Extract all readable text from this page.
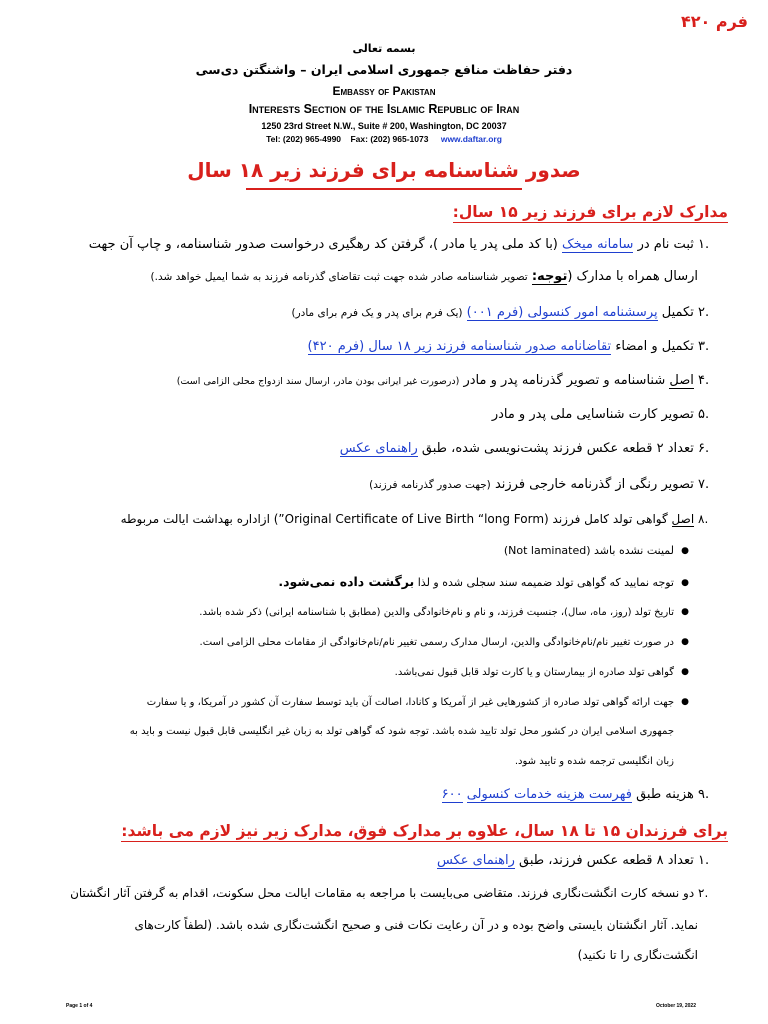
فرم ۴۲۰
بسمه تعالی
دفتر حفاظت منافع جمهوری اسلامی ایران – واشنگتن دی‌سی
Embassy of Pakistan
Interests Section of the Islamic Republic of Iran
1250 23rd Street N.W., Suite # 200, Washington, DC 20037
Tel: (202) 965-4990 Fax: (202) 965-1073 www.daftar.org
صدور شناسنامه برای فرزند زیر ۱۸ سال
مدارک لازم برای فرزند زیر ۱۵ سال:
.۱ ثبت نام در سامانه میخک (با کد ملی پدر یا مادر )، گرفتن کد رهگیری درخواست صدور شناسنامه، و چاپ آن جهت
ارسال همراه با مدارک (توجه: تصویر شناسنامه صادر شده جهت ثبت تقاضای گذرنامه فرزند به شما ایمیل خواهد شد.)
.۲ تکمیل پرسشنامه امور کنسولی (فرم ۰۰۱) (یک فرم برای پدر و یک فرم برای مادر)
.۳ تکمیل و امضاء تقاضانامه صدور شناسنامه فرزند زیر ۱۸ سال (فرم ۴۲۰)
.۴ اصل شناسنامه و تصویر گذرنامه پدر و مادر (درصورت غیر ایرانی بودن مادر، ارسال سند ازدواج محلی الزامی است)
.۵ تصویر کارت شناسایی ملی پدر و مادر
.۶ تعداد ۲ قطعه عکس فرزند پشت‌نویسی شده، طبق راهنمای عکس
.۷ تصویر رنگی از گذرنامه خارجی فرزند (جهت صدور گذرنامه فرزند)
.۸ اصل گواهی تولد کامل فرزند (Original Certificate of Live Birth “long Form”) ازاداره بهداشت ایالت مربوطه
●لمینت نشده باشد (Not laminated)
●توجه نمایید که گواهی تولد ضمیمه سند سجلی شده و لذا برگشت داده نمی‌شود.
●تاریخ تولد (روز، ماه، سال)، جنسیت فرزند، و نام و نام‌خانوادگی والدین (مطابق با شناسنامه ایرانی) ذکر شده باشد.
●در صورت تغییر نام/نام‌خانوادگی والدین، ارسال مدارک رسمی تغییر نام/نام‌خانوادگی از مقامات محلی الزامی است.
●گواهی تولد صادره از بیمارستان و یا کارت تولد قابل قبول نمی‌باشد.
●جهت ارائه گواهی تولد صادره از کشورهایی غیر از آمریکا و کانادا، اصالت آن باید توسط سفارت آن کشور در آمریکا، و یا سفارت
جمهوری اسلامی ایران در کشور محل تولد تایید شده باشد. توجه شود که گواهی تولد به زبان غیر انگلیسی قابل قبول نیست و باید به
زبان انگلیسی ترجمه شده و تایید شود.
.۹ هزینه طبق فهرست هزینه خدمات کنسولی ۶۰۰
برای فرزندان ۱۵ تا ۱۸ سال، علاوه بر مدارک فوق، مدارک زیر نیز لازم می باشد:
.۱ تعداد ۸ قطعه عکس فرزند، طبق راهنمای عکس
.۲ دو نسخه کارت انگشت‌نگاری فرزند. متقاضی می‌بایست با مراجعه به مقامات ایالت محل سکونت، اقدام به گرفتن آثار انگشتان
نماید. آثار انگشتان بایستی واضح بوده و در آن رعایت نکات فنی و صحیح انگشت‌نگاری شده باشد. (لطفاً کارت‌های
انگشت‌نگاری را تا نکنید)
Page 1 of 4	October 19, 2022
